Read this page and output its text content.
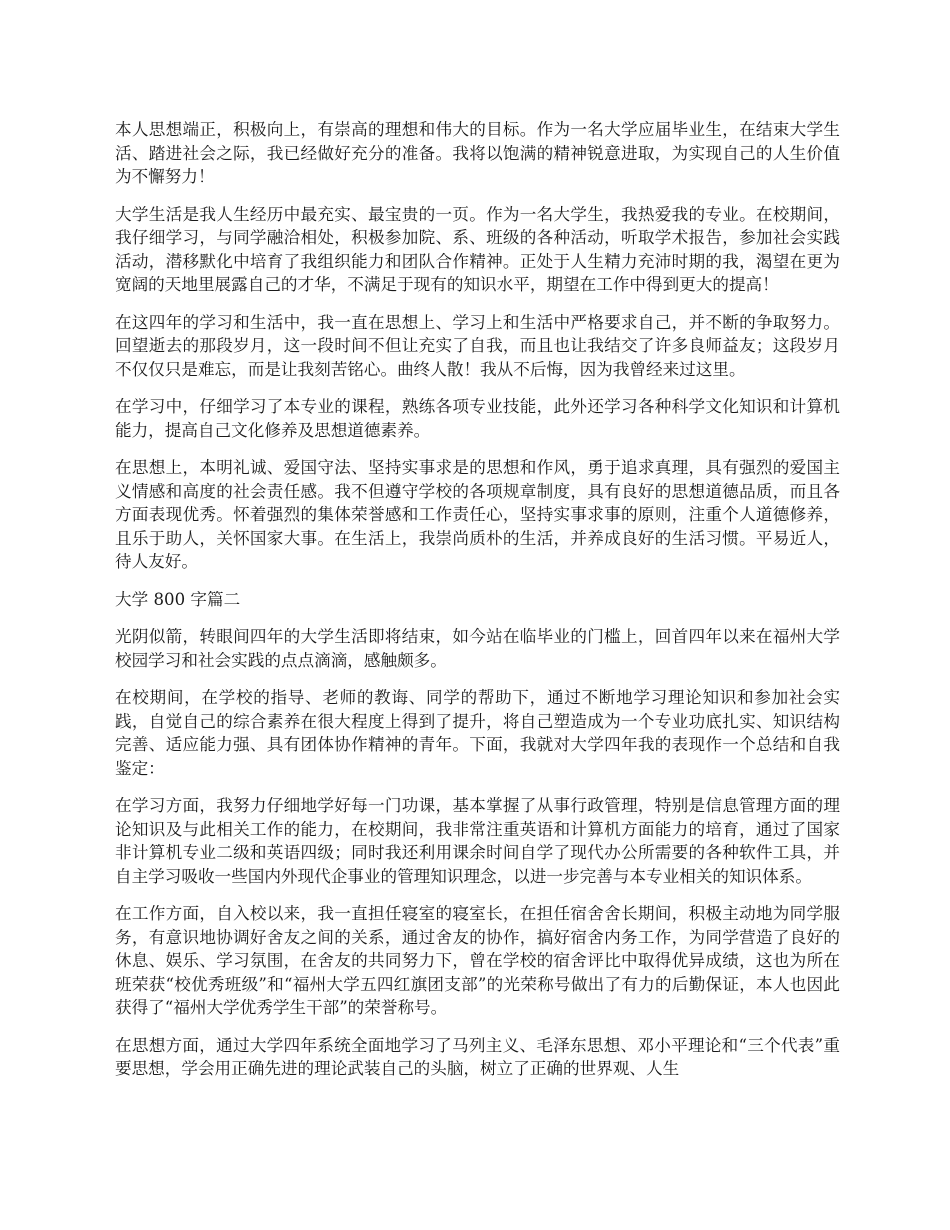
本人思想端正，积极向上，有崇高的理想和伟大的目标。作为一名大学应届毕业生，在结束大学生活、踏进社会之际，我已经做好充分的准备。我将以饱满的精神锐意进取，为实现自己的人生价值为不懈努力！

大学生活是我人生经历中最充实、最宝贵的一页。作为一名大学生，我热爱我的专业。在校期间，我仔细学习，与同学融洽相处，积极参加院、系、班级的各种活动，听取学术报告，参加社会实践活动，潜移默化中培育了我组织能力和团队合作精神。正处于人生精力充沛时期的我，渴望在更为宽阔的天地里展露自己的才华，不满足于现有的知识水平，期望在工作中得到更大的提高！

在这四年的学习和生活中，我一直在思想上、学习上和生活中严格要求自己，并不断的争取努力。回望逝去的那段岁月，这一段时间不但让充实了自我，而且也让我结交了许多良师益友；这段岁月不仅仅只是难忘，而是让我刻苦铭心。曲终人散！我从不后悔，因为我曾经来过这里。

在学习中，仔细学习了本专业的课程，熟练各项专业技能，此外还学习各种科学文化知识和计算机能力，提高自己文化修养及思想道德素养。

在思想上，本明礼诚、爱国守法、坚持实事求是的思想和作风，勇于追求真理，具有强烈的爱国主义情感和高度的社会责任感。我不但遵守学校的各项规章制度，具有良好的思想道德品质，而且各方面表现优秀。怀着强烈的集体荣誉感和工作责任心，坚持实事求事的原则，注重个人道德修养，且乐于助人，关怀国家大事。在生活上，我崇尚质朴的生活，并养成良好的生活习惯。平易近人，待人友好。

大学 800 字篇二

光阴似箭，转眼间四年的大学生活即将结束，如今站在临毕业的门槛上，回首四年以来在福州大学校园学习和社会实践的点点滴滴，感触颇多。

在校期间，在学校的指导、老师的教诲、同学的帮助下，通过不断地学习理论知识和参加社会实践，自觉自己的综合素养在很大程度上得到了提升，将自己塑造成为一个专业功底扎实、知识结构完善、适应能力强、具有团体协作精神的青年。下面，我就对大学四年我的表现作一个总结和自我鉴定：

在学习方面，我努力仔细地学好每一门功课，基本掌握了从事行政管理，特别是信息管理方面的理论知识及与此相关工作的能力，在校期间，我非常注重英语和计算机方面能力的培育，通过了国家非计算机专业二级和英语四级；同时我还利用课余时间自学了现代办公所需要的各种软件工具，并自主学习吸收一些国内外现代企事业的管理知识理念，以进一步完善与本专业相关的知识体系。

在工作方面，自入校以来，我一直担任寝室的寝室长，在担任宿舍舍长期间，积极主动地为同学服务，有意识地协调好舍友之间的关系，通过舍友的协作，搞好宿舍内务工作，为同学营造了良好的休息、娱乐、学习氛围，在舍友的共同努力下，曾在学校的宿舍评比中取得优异成绩，这也为所在班荣获“校优秀班级”和“福州大学五四红旗团支部”的光荣称号做出了有力的后勤保证，本人也因此获得了“福州大学优秀学生干部”的荣誉称号。

在思想方面，通过大学四年系统全面地学习了马列主义、毛泽东思想、邓小平理论和“三个代表”重要思想，学会用正确先进的理论武装自己的头脑，树立了正确的世界观、人生
